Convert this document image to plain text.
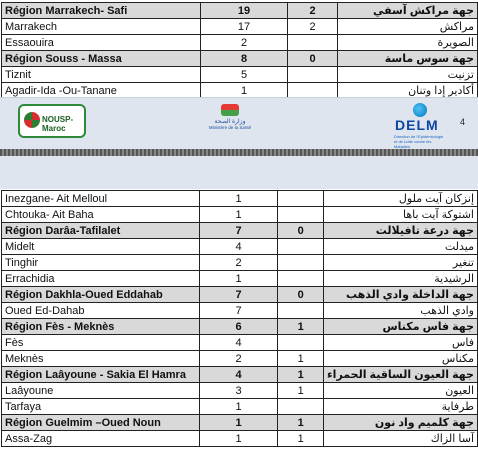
Région Marrakech- Safi	19	2	جهة مراكش آسفي
Marrakech	17	2	مراكش
Essaouira	2		الصويرة
Région Souss - Massa	8	0	جهة سوس ماسة
Tiznit	5		تزنيت
Agadir-Ida -Ou-Tanane	1		أكادير إدا وتنان
NOUSP-Maroc
وزارة الصحة
Ministère de la Santé	DELM
Direction de l'Epidémiologie et de Lutte contre les Maladies
4
Inezgane- Ait Melloul	1		إنزكان آيت ملول
Chtouka- Ait Baha	1		اشتوكة آيت باها
Région Darâa-Tafilalet	7	0	جهة درعة تافيلالت
Midelt	4		ميدلت
Tinghir	2		تنغير
Errachidia	1		الرشيدية
Région Dakhla-Oued Eddahab	7	0	جهة الداخلة وادي الذهب
Oued Ed-Dahab	7		وادي الذهب
Région Fès - Meknès	6	1	جهة فاس مكناس
Fès	4		فاس
Meknès	2	1	مكناس
Région Laâyoune - Sakia El Hamra	4	1	جهة العيون الساقية الحمراء
Laâyoune	3	1	العيون
Tarfaya	1		طرفاية
Région Guelmim –Oued Noun	1	1	جهة كلميم واد نون
Assa-Zag	1	1	آسا الزاك
